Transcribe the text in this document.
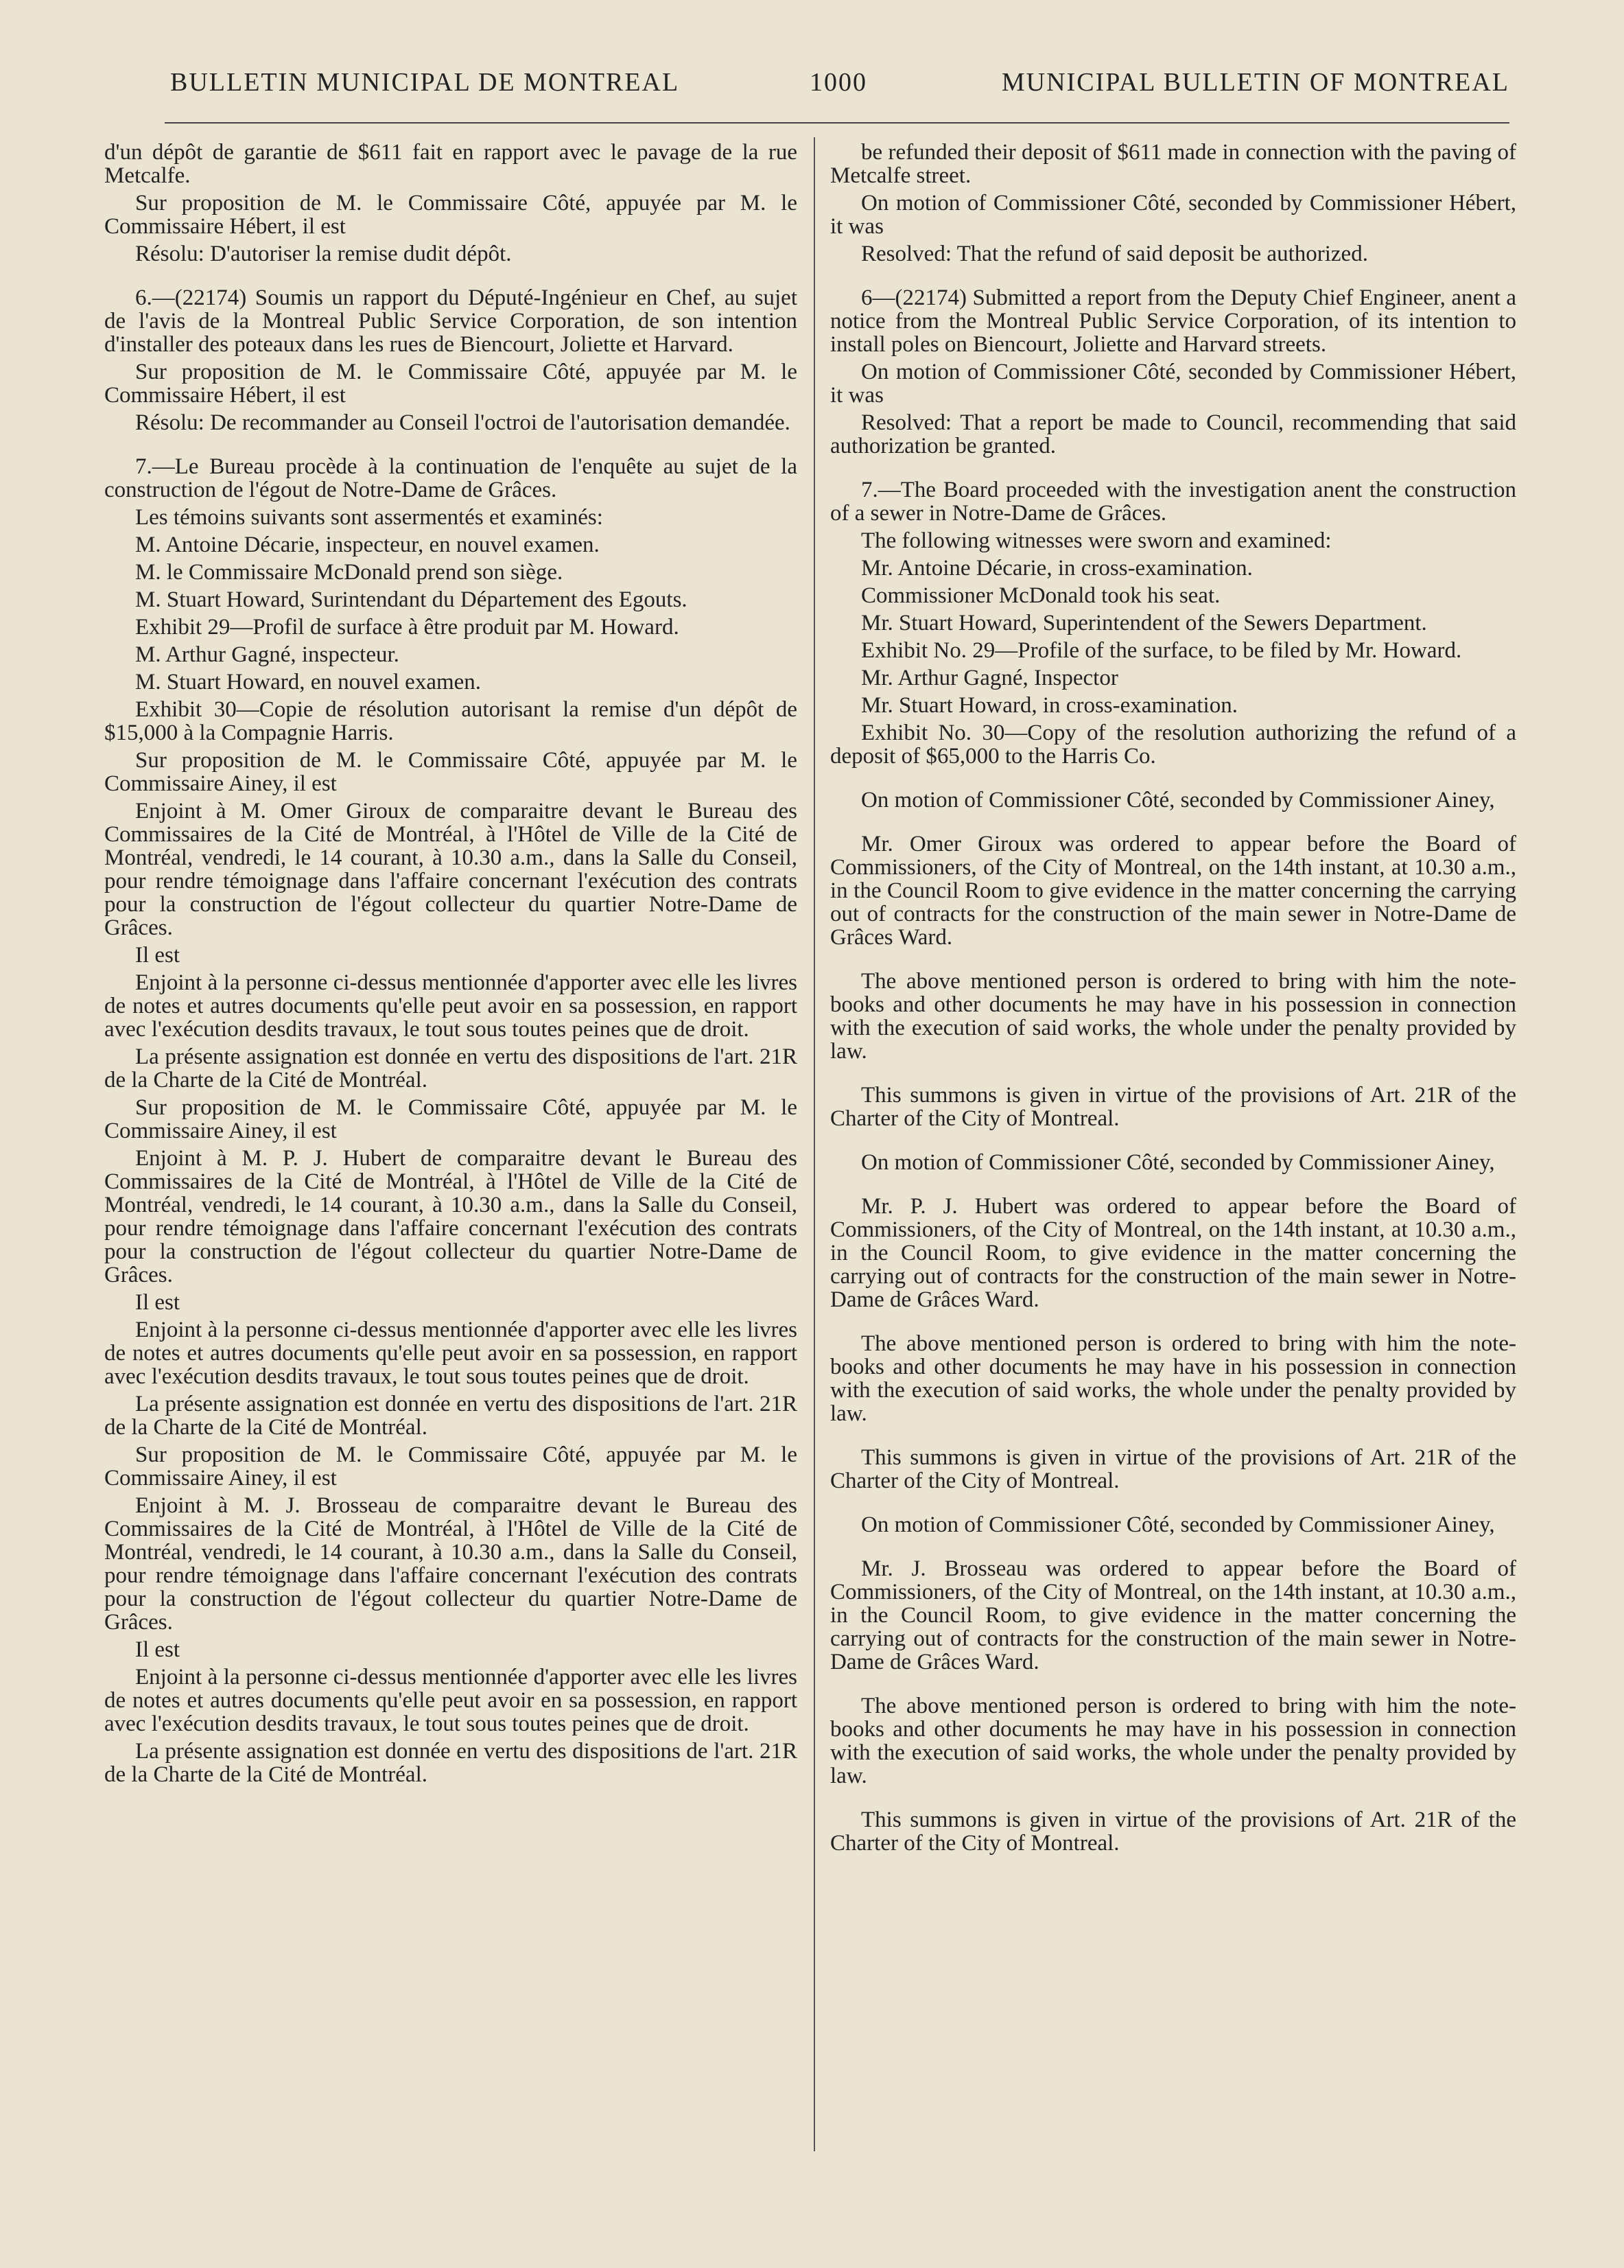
BULLETIN MUNICIPAL DE MONTREAL	1000	MUNICIPAL BULLETIN OF MONTREAL

d'un dépôt de garantie de $611 fait en rapport avec le pavage de la rue Metcalfe.

Sur proposition de M. le Commissaire Côté, appuyée par M. le Commissaire Hébert, il est

Résolu: D'autoriser la remise dudit dépôt.

6.—(22174) Soumis un rapport du Député-Ingénieur en Chef, au sujet de l'avis de la Montreal Public Service Corporation, de son intention d'installer des poteaux dans les rues de Biencourt, Joliette et Harvard.

Sur proposition de M. le Commissaire Côté, appuyée par M. le Commissaire Hébert, il est

Résolu: De recommander au Conseil l'octroi de l'autorisation demandée.

7.—Le Bureau procède à la continuation de l'enquête au sujet de la construction de l'égout de Notre-Dame de Grâces.

Les témoins suivants sont assermentés et examinés:

M. Antoine Décarie, inspecteur, en nouvel examen.

M. le Commissaire McDonald prend son siège.

M. Stuart Howard, Surintendant du Département des Egouts.

Exhibit 29—Profil de surface à être produit par M. Howard.

M. Arthur Gagné, inspecteur.

M. Stuart Howard, en nouvel examen.

Exhibit 30—Copie de résolution autorisant la remise d'un dépôt de $15,000 à la Compagnie Harris.

Sur proposition de M. le Commissaire Côté, appuyée par M. le Commissaire Ainey, il est

Enjoint à M. Omer Giroux de comparaitre devant le Bureau des Commissaires de la Cité de Montréal, à l'Hôtel de Ville de la Cité de Montréal, vendredi, le 14 courant, à 10.30 a.m., dans la Salle du Conseil, pour rendre témoignage dans l'affaire concernant l'exécution des contrats pour la construction de l'égout collecteur du quartier Notre-Dame de Grâces.

Il est

Enjoint à la personne ci-dessus mentionnée d'apporter avec elle les livres de notes et autres documents qu'elle peut avoir en sa possession, en rapport avec l'exécution desdits travaux, le tout sous toutes peines que de droit.

La présente assignation est donnée en vertu des dispositions de l'art. 21R de la Charte de la Cité de Montréal.

Sur proposition de M. le Commissaire Côté, appuyée par M. le Commissaire Ainey, il est

Enjoint à M. P. J. Hubert de comparaitre devant le Bureau des Commissaires de la Cité de Montréal, à l'Hôtel de Ville de la Cité de Montréal, vendredi, le 14 courant, à 10.30 a.m., dans la Salle du Conseil, pour rendre témoignage dans l'affaire concernant l'exécution des contrats pour la construction de l'égout collecteur du quartier Notre-Dame de Grâces.

Il est

Enjoint à la personne ci-dessus mentionnée d'apporter avec elle les livres de notes et autres documents qu'elle peut avoir en sa possession, en rapport avec l'exécution desdits travaux, le tout sous toutes peines que de droit.

La présente assignation est donnée en vertu des dispositions de l'art. 21R de la Charte de la Cité de Montréal.

Sur proposition de M. le Commissaire Côté, appuyée par M. le Commissaire Ainey, il est

Enjoint à M. J. Brosseau de comparaitre devant le Bureau des Commissaires de la Cité de Montréal, à l'Hôtel de Ville de la Cité de Montréal, vendredi, le 14 courant, à 10.30 a.m., dans la Salle du Conseil, pour rendre témoignage dans l'affaire concernant l'exécution des contrats pour la construction de l'égout collecteur du quartier Notre-Dame de Grâces.

Il est

Enjoint à la personne ci-dessus mentionnée d'apporter avec elle les livres de notes et autres documents qu'elle peut avoir en sa possession, en rapport avec l'exécution desdits travaux, le tout sous toutes peines que de droit.

La présente assignation est donnée en vertu des dispositions de l'art. 21R de la Charte de la Cité de Montréal.

be refunded their deposit of $611 made in connection with the paving of Metcalfe street.

On motion of Commissioner Côté, seconded by Commissioner Hébert, it was

Resolved: That the refund of said deposit be authorized.

6—(22174) Submitted a report from the Deputy Chief Engineer, anent a notice from the Montreal Public Service Corporation, of its intention to install poles on Biencourt, Joliette and Harvard streets.

On motion of Commissioner Côté, seconded by Commissioner Hébert, it was

Resolved: That a report be made to Council, recommending that said authorization be granted.

7.—The Board proceeded with the investigation anent the construction of a sewer in Notre-Dame de Grâces.

The following witnesses were sworn and examined:

Mr. Antoine Décarie, in cross-examination.

Commissioner McDonald took his seat.

Mr. Stuart Howard, Superintendent of the Sewers Department.

Exhibit No. 29—Profile of the surface, to be filed by Mr. Howard.

Mr. Arthur Gagné, Inspector

Mr. Stuart Howard, in cross-examination.

Exhibit No. 30—Copy of the resolution authorizing the refund of a deposit of $65,000 to the Harris Co.

On motion of Commissioner Côté, seconded by Commissioner Ainey,

Mr. Omer Giroux was ordered to appear before the Board of Commissioners, of the City of Montreal, on the 14th instant, at 10.30 a.m., in the Council Room to give evidence in the matter concerning the carrying out of contracts for the construction of the main sewer in Notre-Dame de Grâces Ward.

The above mentioned person is ordered to bring with him the note-books and other documents he may have in his possession in connection with the execution of said works, the whole under the penalty provided by law.

This summons is given in virtue of the provisions of Art. 21R of the Charter of the City of Montreal.

On motion of Commissioner Côté, seconded by Commissioner Ainey,

Mr. P. J. Hubert was ordered to appear before the Board of Commissioners, of the City of Montreal, on the 14th instant, at 10.30 a.m., in the Council Room, to give evidence in the matter concerning the carrying out of contracts for the construction of the main sewer in Notre-Dame de Grâces Ward.

The above mentioned person is ordered to bring with him the note-books and other documents he may have in his possession in connection with the execution of said works, the whole under the penalty provided by law.

This summons is given in virtue of the provisions of Art. 21R of the Charter of the City of Montreal.

On motion of Commissioner Côté, seconded by Commissioner Ainey,

Mr. J. Brosseau was ordered to appear before the Board of Commissioners, of the City of Montreal, on the 14th instant, at 10.30 a.m., in the Council Room, to give evidence in the matter concerning the carrying out of contracts for the construction of the main sewer in Notre-Dame de Grâces Ward.

The above mentioned person is ordered to bring with him the note-books and other documents he may have in his possession in connection with the execution of said works, the whole under the penalty provided by law.

This summons is given in virtue of the provisions of Art. 21R of the Charter of the City of Montreal.
